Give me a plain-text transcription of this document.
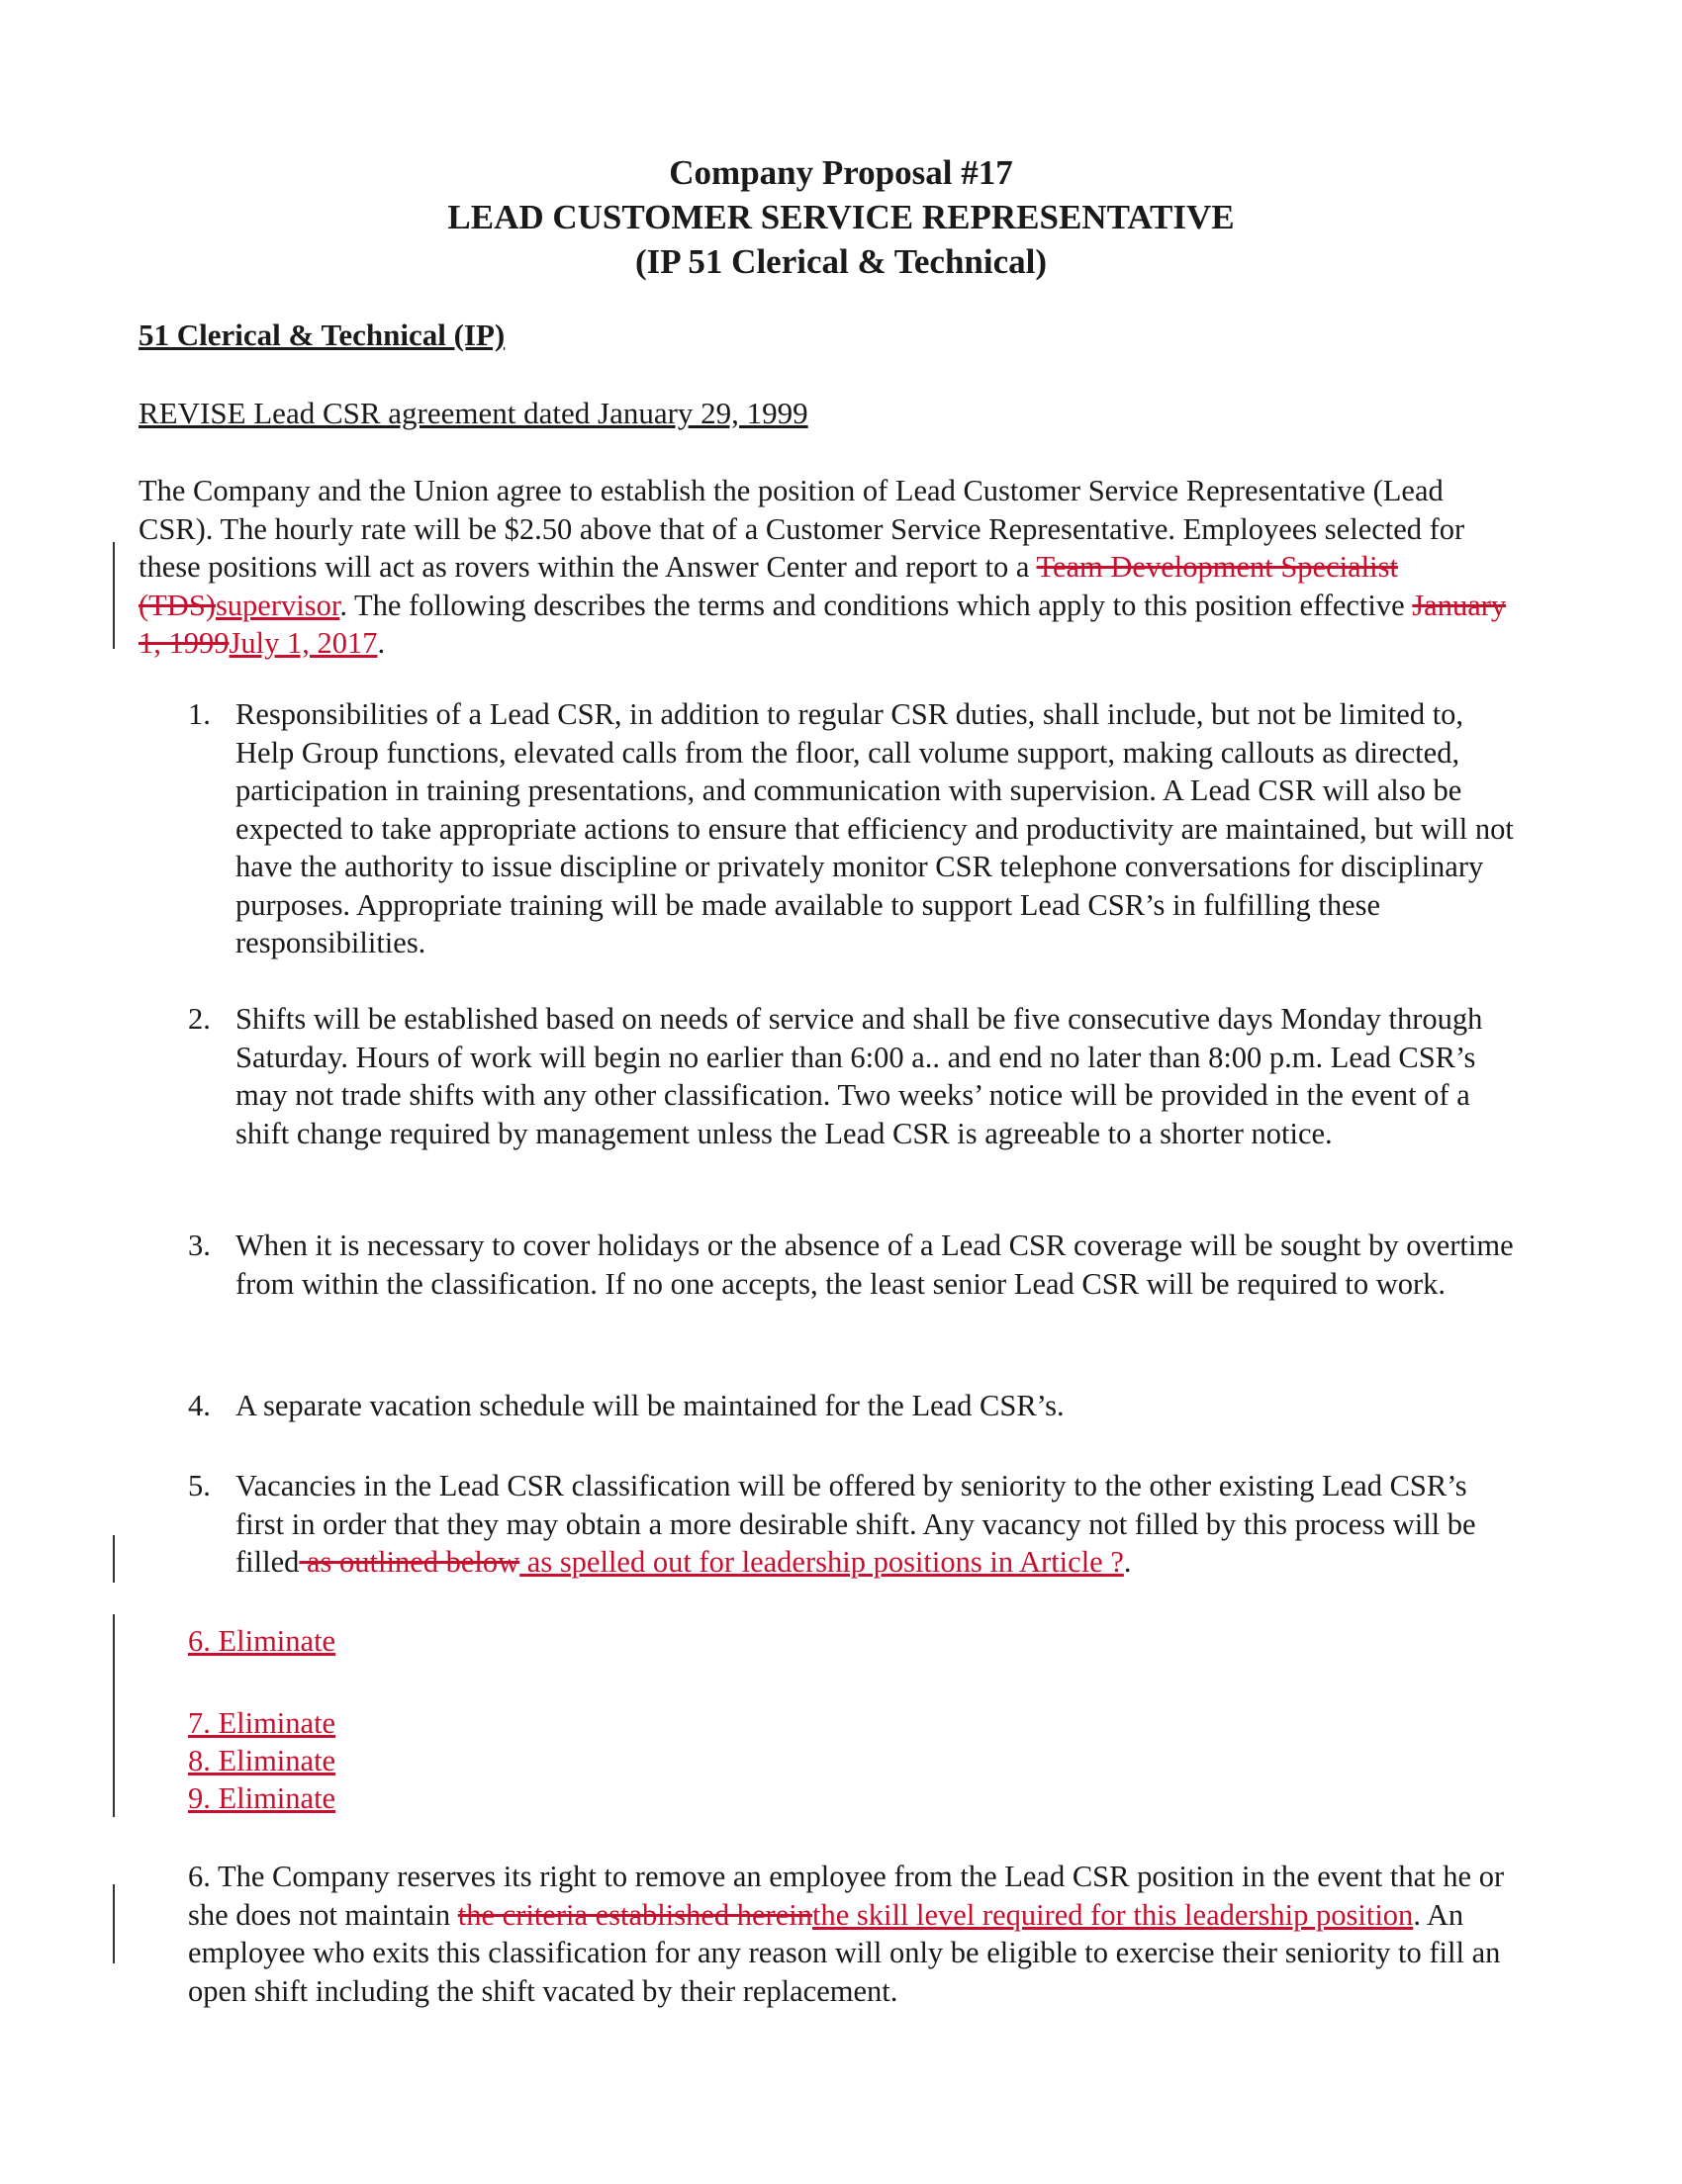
Company Proposal #17

LEAD CUSTOMER SERVICE REPRESENTATIVE

(IP 51 Clerical & Technical)

51 Clerical & Technical (IP)
REVISE Lead CSR agreement dated January 29, 1999

The Company and the Union agree to establish the position of Lead Customer Service Representative (Lead CSR). The hourly rate will be $2.50 above that of a Customer Service Representative. Employees selected for these positions will act as rovers within the Answer Center and report to a Team Development Specialist (TDS)supervisor. The following describes the terms and conditions which apply to this position effective January 1, 1999July 1, 2017.

1. Responsibilities of a Lead CSR, in addition to regular CSR duties, shall include, but not be limited to, Help Group functions, elevated calls from the floor, call volume support, making callouts as directed, participation in training presentations, and communication with supervision. A Lead CSR will also be expected to take appropriate actions to ensure that efficiency and productivity are maintained, but will not have the authority to issue discipline or privately monitor CSR telephone conversations for disciplinary purposes. Appropriate training will be made available to support Lead CSR’s in fulfilling these responsibilities.
2. Shifts will be established based on needs of service and shall be five consecutive days Monday through Saturday. Hours of work will begin no earlier than 6:00 a.. and end no later than 8:00 p.m. Lead CSR’s may not trade shifts with any other classification. Two weeks’ notice will be provided in the event of a shift change required by management unless the Lead CSR is agreeable to a shorter notice.
3. When it is necessary to cover holidays or the absence of a Lead CSR coverage will be sought by overtime from within the classification. If no one accepts, the least senior Lead CSR will be required to work.
4. A separate vacation schedule will be maintained for the Lead CSR’s.
5. Vacancies in the Lead CSR classification will be offered by seniority to the other existing Lead CSR’s first in order that they may obtain a more desirable shift. Any vacancy not filled by this process will be filled as outlined below as spelled out for leadership positions in Article ?.
6. Eliminate
7. Eliminate
8. Eliminate
9. Eliminate

6. The Company reserves its right to remove an employee from the Lead CSR position in the event that he or she does not maintain the criteria established hereinthe skill level required for this leadership position. An employee who exits this classification for any reason will only be eligible to exercise their seniority to fill an open shift including the shift vacated by their replacement.
